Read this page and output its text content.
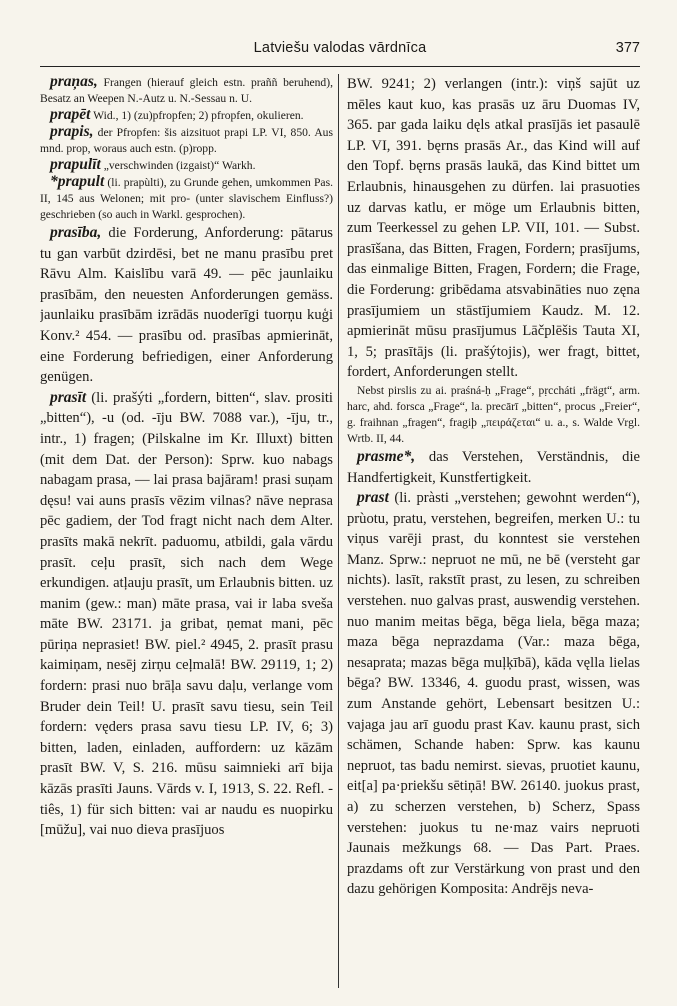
Latviešu valodas vārdnīca	377

praņas, Frangen (hierauf gleich estn. praññ beruhend), Besatz an Weepen N.-Autz u. N.-Sessau n. U.

prapēt Wid., 1) (zu)pfropfen; 2) pfropfen, okulieren.

prapis, der Pfropfen: šis aizsituot prapi LP. VI, 850. Aus mnd. prop, woraus auch estn. (p)ropp.

prapulīt „verschwinden (izgaist)“ Warkh.

*prapult (li. prapùlti), zu Grunde gehen, umkommen Pas. II, 145 aus Welonen; mit pro- (unter slavischem Einfluss?) geschrieben (so auch in Warkl. gesprochen).

prasība, die Forderung, Anforderung: pātarus tu gan varbūt dzirdēsi, bet ne manu prasību pret Rāvu Alm. Kaislību varā 49. — pēc jaunlaiku prasībām, den neuesten Anforderungen gemäss. jaunlaiku prasībām izrādās nuoderīgi tuorņu kuģi Konv.² 454. — prasību od. prasības apmierināt, eine Forderung befriedigen, einer Anforderung genügen.

prasīt (li. prašýti „fordern, bitten“, slav. prositi „bitten“), -u (od. -īju BW. 7088 var.), -īju, tr., intr., 1) fragen; (Pilskalne im Kr. Illuxt) bitten (mit dem Dat. der Person): Sprw. kuo nabags nabagam prasa, — lai prasa bajāram! prasi suņam dęsu! vai auns prasīs vēzim vilnas? nāve neprasa pēc gadiem, der Tod fragt nicht nach dem Alter. prasīts makā nekrīt. paduomu, atbildi, gala vārdu prasīt. ceļu prasīt, sich nach dem Wege erkundigen. atļauju prasīt, um Erlaubnis bitten. uz manim (gew.: man) māte prasa, vai ir laba sveša māte BW. 23171. ja gribat, ņemat mani, pēc pūriņa neprasiet! BW. piel.² 4945, 2. prasīt prasu kaimiņam, nesēj zirņu ceļmalā! BW. 29119, 1; 2) fordern: prasi nuo brāļa savu daļu, verlange vom Bruder dein Teil! U. prasīt savu tiesu, sein Teil fordern: vęders prasa savu tiesu LP. IV, 6; 3) bitten, laden, einladen, auffordern: uz kāzām prasīt BW. V, S. 216. mūsu saimnieki arī bija kāzās prasīti Jauns. Vārds v. I, 1913, S. 22. Refl. -tiês, 1) für sich bitten: vai ar naudu es nuopirku [mūžu], vai nuo dieva prasījuos

BW. 9241; 2) verlangen (intr.): viņš sajūt uz mēles kaut kuo, kas prasās uz āru Duomas IV, 365. par gada laiku dęls atkal prasījās iet pasaulē LP. VI, 391. bęrns prasās Ar., das Kind will auf den Topf. bęrns prasās laukā, das Kind bittet um Erlaubnis, hinausgehen zu dürfen. lai prasuoties uz darvas katlu, er möge um Erlaubnis bitten, zum Teerkessel zu gehen LP. VII, 101. — Subst. prasīšana, das Bitten, Fragen, Fordern; prasījums, das einmalige Bitten, Fragen, Fordern; die Frage, die Forderung: gribēdama atsvabināties nuo zęna prasījumiem un stāstījumiem Kaudz. M. 12. apmierināt mūsu prasījumus Lāčplēšis Tauta XI, 1, 5; prasītājs (li. prašýtojis), wer fragt, bittet, fordert, Anforderungen stellt.

Nebst pirslis zu ai. praśná-ḥ „Frage“, pṛccháti „frägt“, arm. harc, ahd. forsca „Frage“, la. precārī „bitten“, procus „Freier“, g. fraihnan „fragen“, fragiþ „πειράζεται“ u. a., s. Walde Vrgl. Wrtb. II, 44.

prasme*, das Verstehen, Verständnis, die Handfertigkeit, Kunstfertigkeit.

prast (li. pràsti „verstehen; gewohnt werden“), prùotu, pratu, verstehen, begreifen, merken U.: tu viņus varēji prast, du konntest sie verstehen Manz. Sprw.: nepruot ne mū, ne bē (versteht gar nichts). lasīt, rakstīt prast, zu lesen, zu schreiben verstehen. nuo galvas prast, auswendig verstehen. nuo manim meitas bēga, bēga liela, bēga maza; maza bēga neprazdama (Var.: maza bēga, nesaprata; mazas bēga muļķībā), kāda vęlla lielas bēga? BW. 13346, 4. guodu prast, wissen, was zum Anstande gehört, Lebensart besitzen U.: vajaga jau arī guodu prast Kav. kaunu prast, sich schämen, Schande haben: Sprw. kas kaunu nepruot, tas badu nemirst. sievas, pruotiet kaunu, eit[a] pa·priekšu sētiņā! BW. 26140. juokus prast, a) zu scherzen verstehen, b) Scherz, Spass verstehen: juokus tu ne·maz vairs nepruoti Jaunais mežkungs 68. — Das Part. Praes. prazdams oft zur Verstärkung von prast und den dazu gehörigen Komposita: Andrējs neva-
